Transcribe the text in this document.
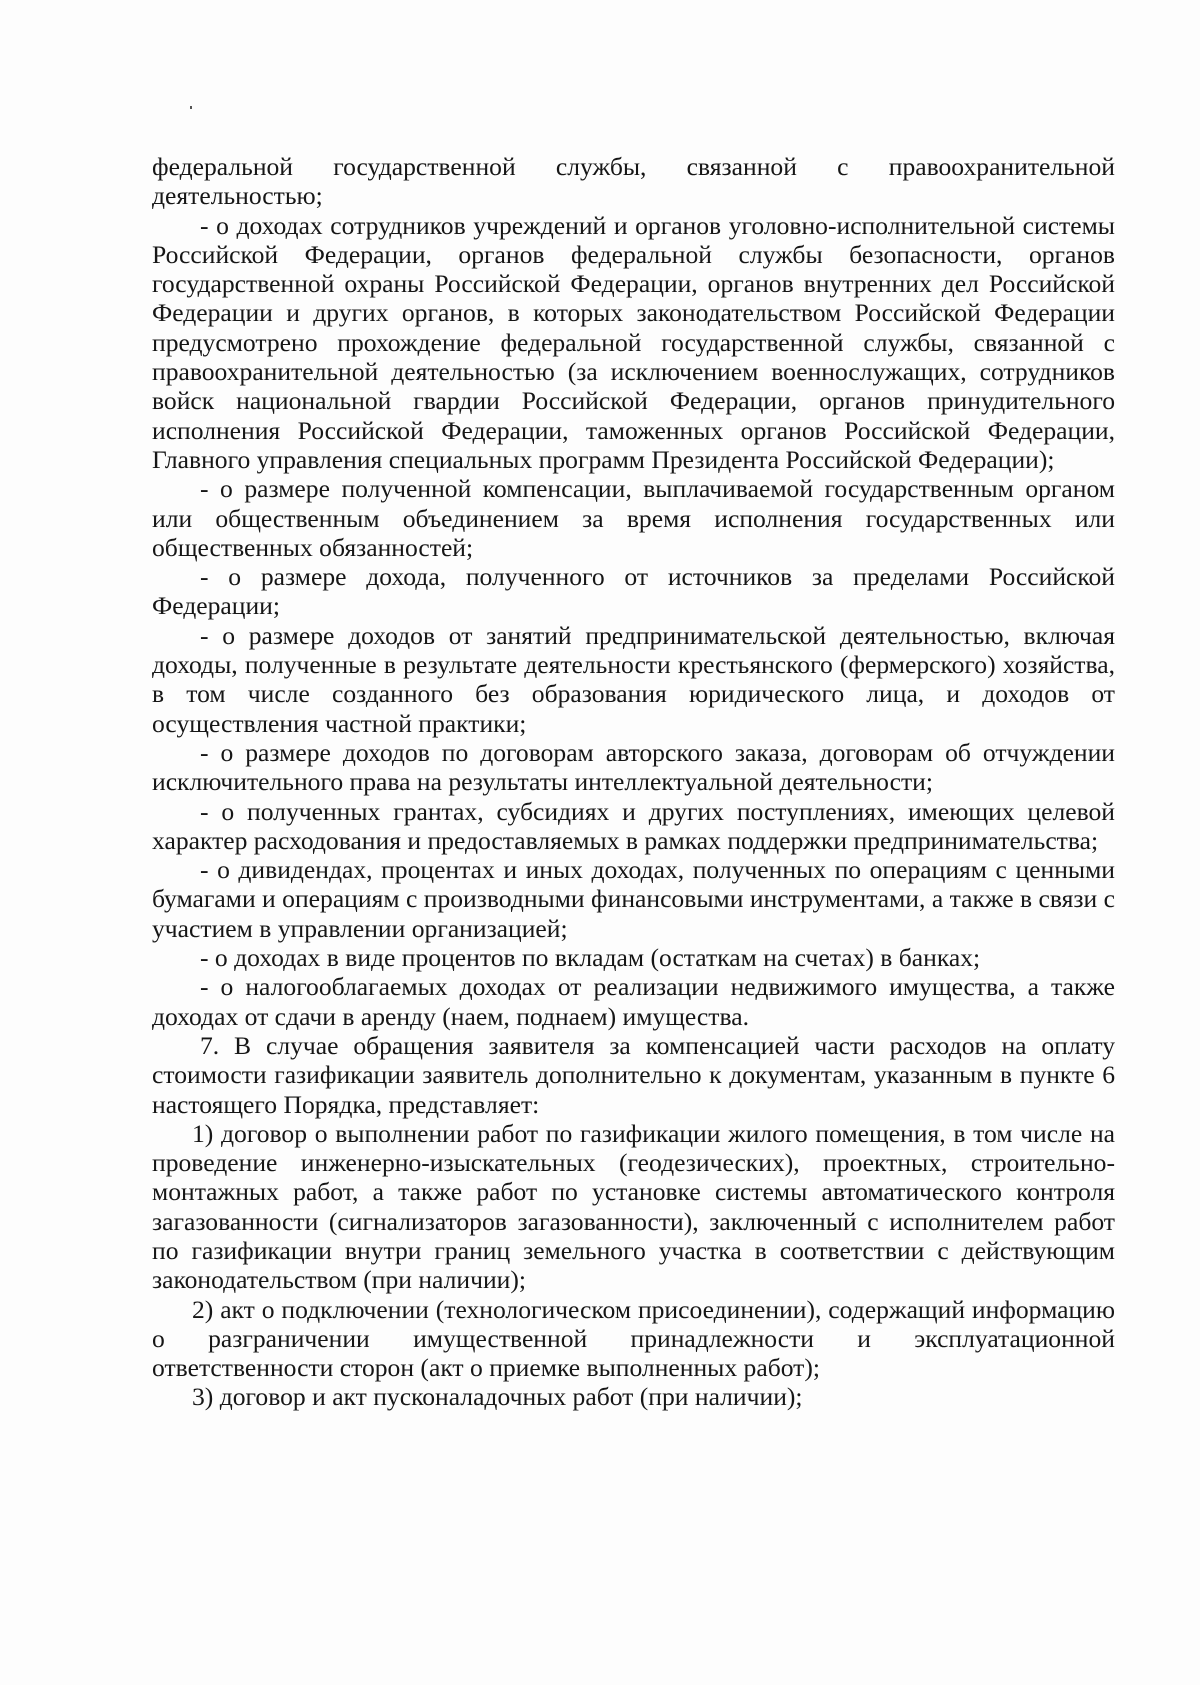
федеральной государственной службы, связанной с правоохранительной деятельностью;

- о доходах сотрудников учреждений и органов уголовно-исполнительной системы Российской Федерации, органов федеральной службы безопасности, органов государственной охраны Российской Федерации, органов внутренних дел Российской Федерации и других органов, в которых законодательством Российской Федерации предусмотрено прохождение федеральной государственной службы, связанной с правоохранительной деятельностью (за исключением военнослужащих, сотрудников войск национальной гвардии Российской Федерации, органов принудительного исполнения Российской Федерации, таможенных органов Российской Федерации, Главного управления специальных программ Президента Российской Федерации);

- о размере полученной компенсации, выплачиваемой государственным органом или общественным объединением за время исполнения государственных или общественных обязанностей;

- о размере дохода, полученного от источников за пределами Российской Федерации;

- о размере доходов от занятий предпринимательской деятельностью, включая доходы, полученные в результате деятельности крестьянского (фермерского) хозяйства, в том числе созданного без образования юридического лица, и доходов от осуществления частной практики;

- о размере доходов по договорам авторского заказа, договорам об отчуждении исключительного права на результаты интеллектуальной деятельности;

- о полученных грантах, субсидиях и других поступлениях, имеющих целевой характер расходования и предоставляемых в рамках поддержки предпринимательства;

- о дивидендах, процентах и иных доходах, полученных по операциям с ценными бумагами и операциям с производными финансовыми инструментами, а также в связи с участием в управлении организацией;

- о доходах в виде процентов по вкладам (остаткам на счетах) в банках;

- о налогооблагаемых доходах от реализации недвижимого имущества, а также доходах от сдачи в аренду (наем, поднаем) имущества.

7. В случае обращения заявителя за компенсацией части расходов на оплату стоимости газификации заявитель дополнительно к документам, указанным в пункте 6 настоящего Порядка, представляет:

1) договор о выполнении работ по газификации жилого помещения, в том числе на проведение инженерно-изыскательных (геодезических), проектных, строительно-монтажных работ, а также работ по установке системы автоматического контроля загазованности (сигнализаторов загазованности), заключенный с исполнителем работ по газификации внутри границ земельного участка в соответствии с действующим законодательством (при наличии);

2) акт о подключении (технологическом присоединении), содержащий информацию о разграничении имущественной принадлежности и эксплуатационной ответственности сторон (акт о приемке выполненных работ);

3) договор и акт пусконаладочных работ (при наличии);
